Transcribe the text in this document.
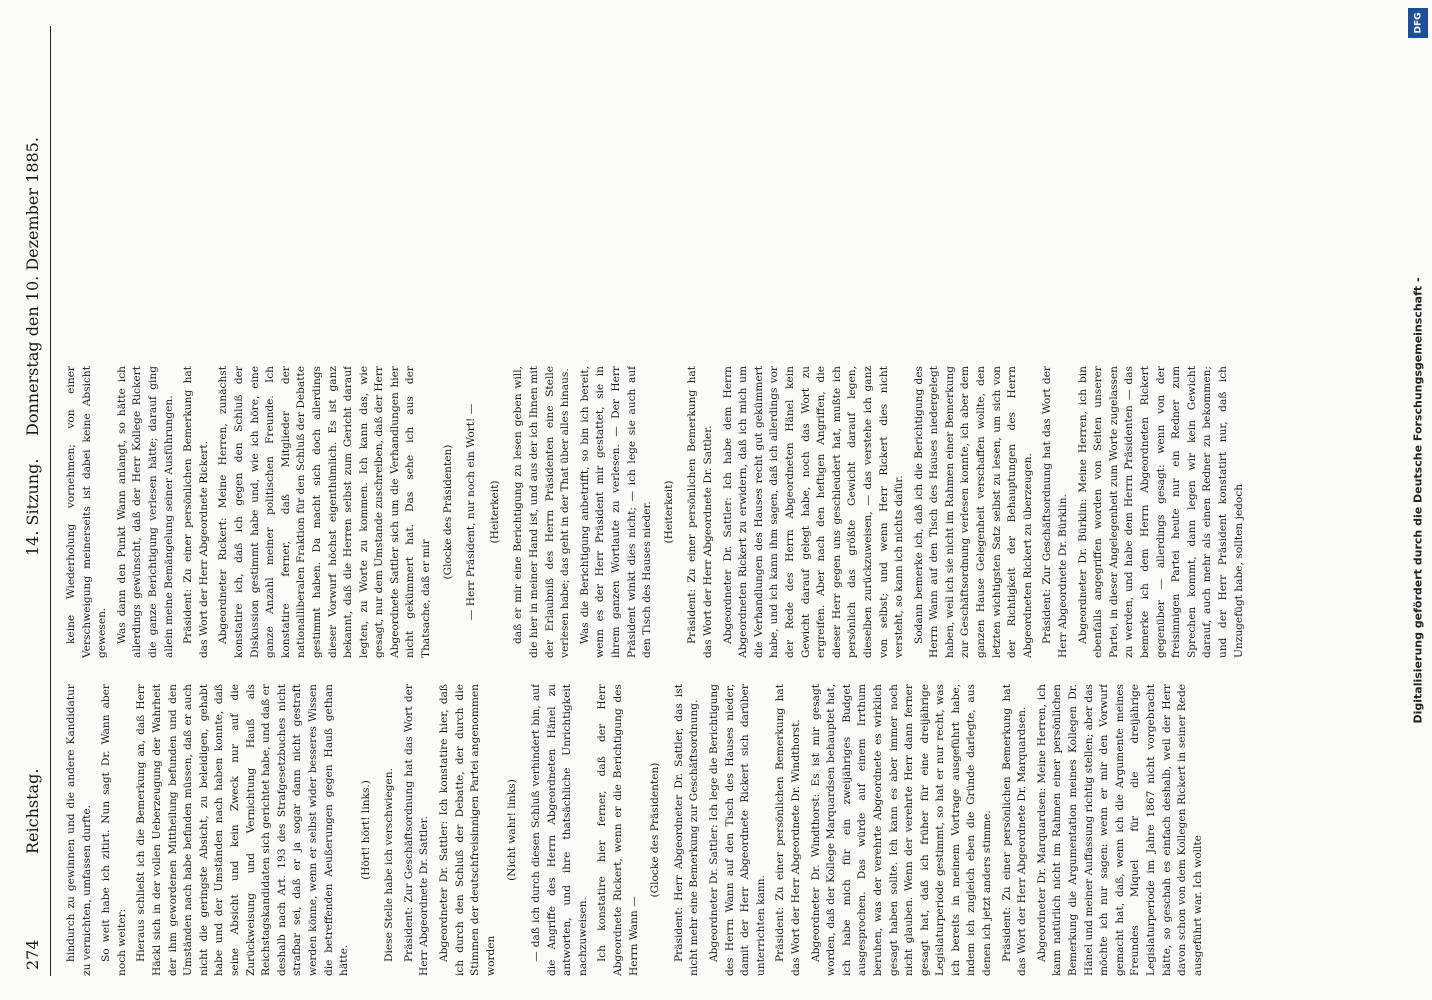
274
Reichstag.
14. Sitzung.
Donnerstag den 10. Dezember 1885.

hindurch zu gewinnen und die andere Kandidatur zu vernichten, umfassen durfte. So weit habe ich zitirt. Nun sagt Dr. Wann aber noch weiter: Hieraus schließt ich die Bemerkung an, daß Herr Häckl sich in der vollen Ueberzeugung der Wahrheit der ihm gewordenen Mittheilung befunden und den Umständen nach habe befinden müssen, daß er auch nicht die geringste Absicht, zu beleidigen, gehabt habe und der Umständen nach haben konnte, daß seine Absicht und kein Zweck nur auf die Zurückweisung und Vernichtung Hauß als Reichstagskandidaten sich gerichtet habe, und daß er deshalb nach Art. 193 des Strafgesetzbuches nicht strafbar sei, daß er ja sogar dann nicht gestraft werden könne, wenn er selbst wider besseres Wissen die betreffenden Aeußerungen gegen Hauß gethan hätte.

(Hört! hört! links.) Diese Stelle habe ich verschwiegen. Präsident: Zur Geschäftsordnung hat das Wort der Herr Abgeordnete Dr. Sattler. Abgeordneter Dr. Sattler: Ich konstatire hier, daß ich durch den Schluß der Debatte, der durch die Stimmen der deutschfreisinnigen Partei angenommen worden

(Nicht wahr! links) — daß ich durch diesen Schluß verhindert bin, auf die Angriffe des Herrn Abgeordneten Hänel zu antworten, und ihre thatsächliche Unrichtigkeit nachzuweisen. Ich konstatire hier ferner, daß der Herr Abgeordnete Rickert, wenn er die Berichtigung des Herrn Wann —

(Glocke des Präsidenten) Präsident: Herr Abgeordneter Dr. Sattler, das ist nicht mehr eine Bemerkung zur Geschäftsordnung. Abgeordneter Dr. Sattler: Ich lege die Berichtigung des Herrn Wann auf den Tisch des Hauses nieder, damit der Herr Abgeordnete Rickert sich darüber unterrichten kann. Präsident: Zu einer persönlichen Bemerkung hat das Wort der Herr Abgeordnete Dr. Windthorst. Abgeordneter Dr. Windthorst: Es ist mir gesagt worden, daß der Kollege Marquardsen behauptet hat, ich habe mich für ein zweijähriges Budget ausgesprochen. Das würde auf einem Irrthum beruhen, was der verehrte Abgeordnete es wirklich gesagt haben sollte. Ich kann es aber immer noch nicht glauben. Wenn der verehrte Herr dann ferner gesagt hat, daß ich früher für eine dreijährige Legislaturperiode gestimmt, so hat er nur recht, was ich bereits in meinem Vortrage ausgeführt habe, indem ich zugleich eben die Gründe darlegte, aus denen ich jetzt anders stimme. Präsident: Zu einer persönlichen Bemerkung hat das Wort der Herr Abgeordnete Dr. Marquardsen. Abgeordneter Dr. Marquardsen: Meine Herren, ich kann natürlich nicht im Rahmen einer persönlichen Bemerkung die Argumentation meines Kollegen Dr. Hänel und meiner Auffassung richtig stellen; aber das möchte ich nur sagen: wenn er mir den Vorwurf gemacht hat, daß, wenn ich die Argumente meines Freundes Miquel für die dreijährige Legislaturperiode im Jahre 1867 nicht vorgebracht hätte, so geschah es einfach deshalb, weil der Herr davon schon von dem Kollegen Rickert in seiner Rede ausgeführt war. Ich wollte

keine Wiederholung vornehmen; von einer Verschweigung meinerseits ist dabei keine Absicht gewesen. Was dann den Punkt Wann anlangt, so hätte ich allerdings gewünscht, daß der Herr Kollege Rickert die ganze Berichtigung verlesen hätte; darauf ging allein meine Bemängelung seiner Ausführungen. Präsident: Zu einer persönlichen Bemerkung hat das Wort der Herr Abgeordnete Rickert. Abgeordneter Rickert: Meine Herren, zunächst konstatire ich, daß ich gegen den Schluß der Diskussion gestimmt habe und, wie ich höre, eine ganze Anzahl meiner politischen Freunde. Ich konstatire ferner, daß Mitglieder der nationalliberalen Fraktion für den Schluß der Debatte gestimmt haben. Da macht sich doch allerdings dieser Vorwurf höchst eigenthümlich. Es ist ganz bekannt, daß die Herren selbst zum Gericht darauf legten, zu Worte zu kommen. Ich kann das, wie gesagt, nur dem Umstande zuschreiben, daß der Herr Abgeordnete Sattler sich um die Verhandlungen hier nicht gekümmert hat. Das sehe ich aus der Thatsache, daß er mir

(Glocke des Präsidenten) — Herr Präsident, nur noch ein Wort! — (Heiterkeit) daß er mir eine Berichtigung zu lesen geben will, die hier in meiner Hand ist, und aus der ich Ihnen mit der Erlaubniß des Herrn Präsidenten eine Stelle verlesen habe; das geht in der That über alles hinaus. Was die Berichtigung anbetrifft, so bin ich bereit, wenn es der Herr Präsident mir gestattet, sie in ihrem ganzen Wortlaute zu verlesen. — Der Herr Präsident winkt dies nicht; — ich lege sie auch auf den Tisch des Hauses nieder. (Heiterkeit) Präsident: Zu einer persönlichen Bemerkung hat das Wort der Herr Abgeordnete Dr. Sattler. Abgeordneter Dr. Sattler: Ich habe dem Herrn Abgeordneten Rickert zu erwidern, daß ich mich um die Verhandlungen des Hauses recht gut gekümmert habe, und ich kann ihm sagen, daß ich allerdings vor der Rede des Herrn Abgeordneten Hänel kein Gewicht darauf gelegt habe, noch das Wort zu ergreifen. Aber nach den heftigen Angriffen, die dieser Herr gegen uns geschleudert hat, mußte ich persönlich das größte Gewicht darauf legen, dieselben zurückzuweisen, — das verstehe ich ganz von selbst; und wenn Herr Rickert dies nicht versteht, so kann ich nichts dafür. Sodann bemerke ich, daß ich die Berichtigung des Herrn Wann auf den Tisch des Hauses niedergelegt haben, weil ich sie nicht im Rahmen einer Bemerkung zur Geschäftsordnung verlesen konnte, ich aber dem ganzen Hause Gelegenheit verschaffen wollte, den letzten wichtigsten Satz selbst zu lesen, um sich von der Richtigkeit der Behauptungen des Herrn Abgeordneten Rickert zu überzeugen. Präsident: Zur Geschäftsordnung hat das Wort der Herr Abgeordnete Dr. Bürklin. Abgeordneter Dr. Bürklin: Meine Herren, ich bin ebenfalls angegriffen worden von Seiten unserer Partei, in dieser Angelegenheit zum Worte zugelassen zu werden, und habe dem Herrn Präsidenten — das bemerke ich dem Herrn Abgeordneten Rickert gegenüber — allerdings gesagt: wenn von der freisinnigen Partei heute nur ein Redner zum Sprechen kommt, dann legen wir kein Gewicht darauf, auch mehr als einen Redner zu bekommen; und der Herr Präsident konstatirt nur, daß ich Unzugefügt habe, sollten jedoch	Digitalisierung gefördert durch die Deutsche Forschungsgemeinschaft -
DFG
